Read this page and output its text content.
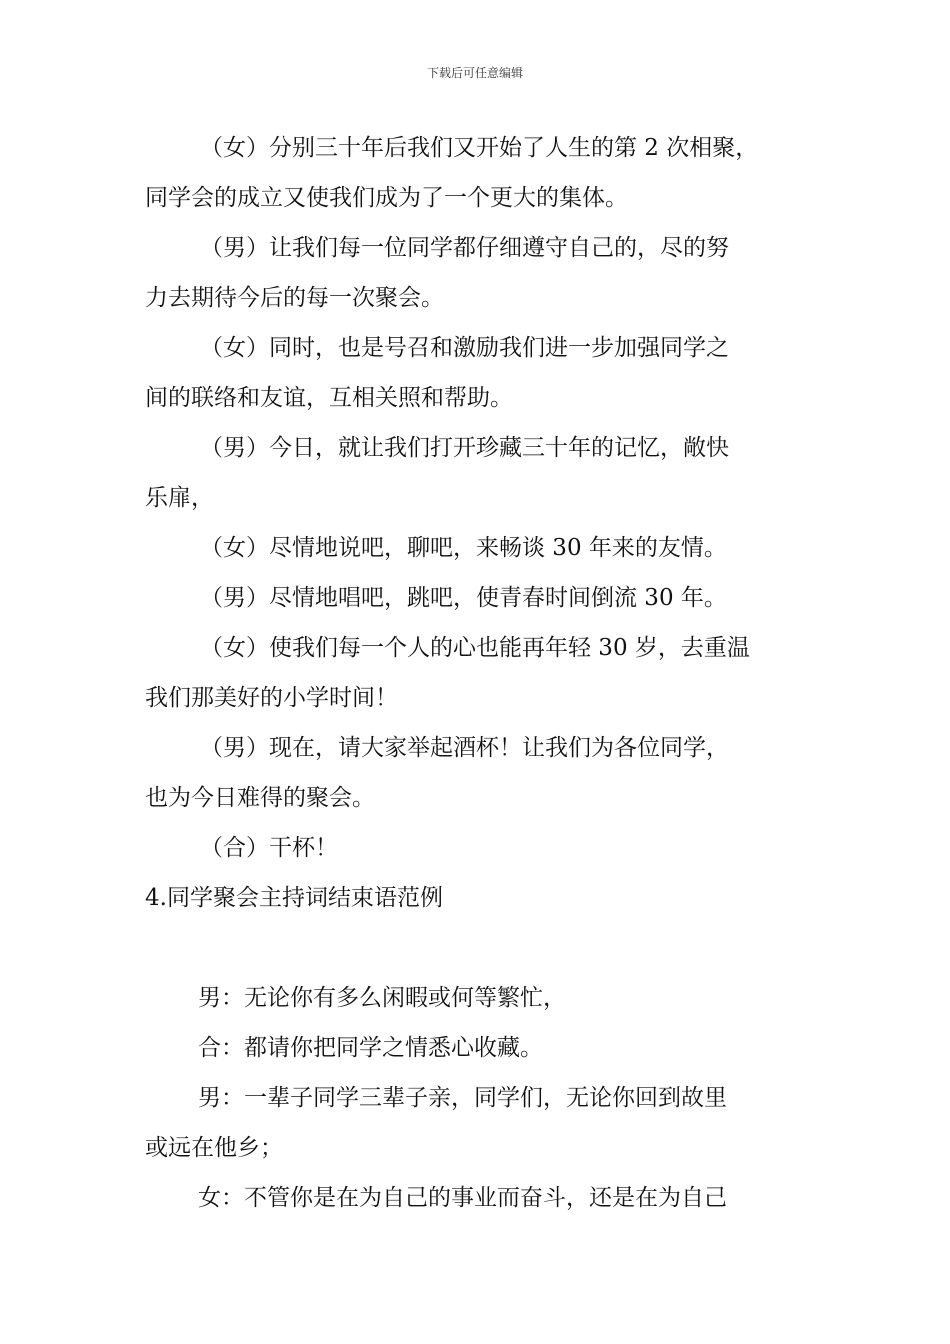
下载后可任意编辑
（女）分别三十年后我们又开始了人生的第 2 次相聚，
同学会的成立又使我们成为了一个更大的集体。
（男）让我们每一位同学都仔细遵守自己的，尽的努
力去期待今后的每一次聚会。
（女）同时，也是号召和激励我们进一步加强同学之
间的联络和友谊，互相关照和帮助。
（男）今日，就让我们打开珍藏三十年的记忆，敞快
乐扉，
（女）尽情地说吧，聊吧，来畅谈 30 年来的友情。
（男）尽情地唱吧，跳吧，使青春时间倒流 30 年。
（女）使我们每一个人的心也能再年轻 30 岁，去重温
我们那美好的小学时间！
（男）现在，请大家举起酒杯！让我们为各位同学，
也为今日难得的聚会。
（合）干杯！
4.同学聚会主持词结束语范例
男：无论你有多么闲暇或何等繁忙，
合：都请你把同学之情悉心收藏。
男：一辈子同学三辈子亲，同学们，无论你回到故里
或远在他乡；
女：不管你是在为自己的事业而奋斗，还是在为自己
